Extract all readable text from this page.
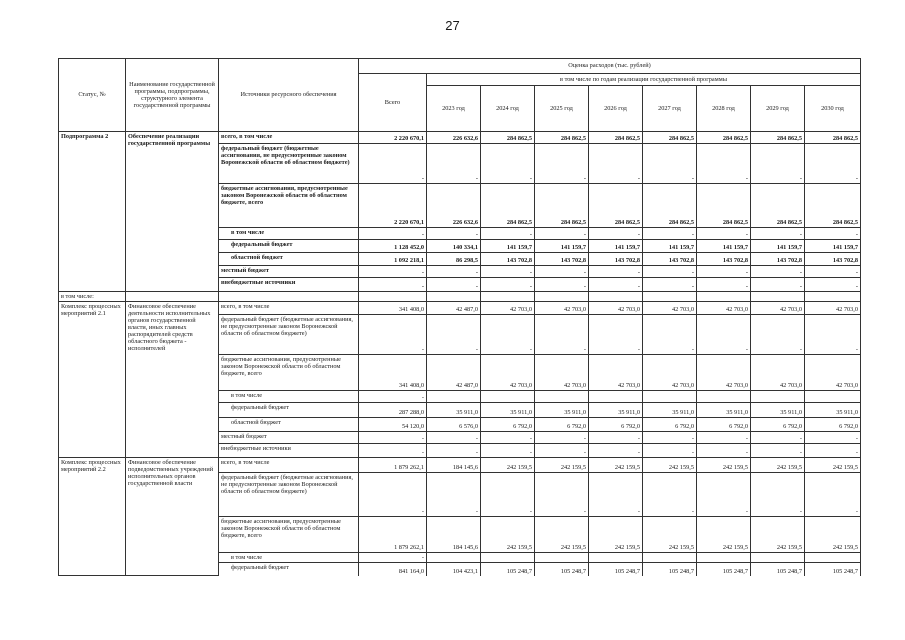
27
Статус, №	Наименование государственной программы, подпрограммы, структурного элемента государственной программы	Источники ресурсного обеспечения	Оценка расходов (тыс. рублей)								
			Всего	в том числе по годам реализации государственной программы							
				2023 год	2024 год	2025 год	2026 год	2027 год	2028 год	2029 год	2030 год
Подпрограмма 2	Обеспечение реализации государственной программы	всего, в том числе	2 220 670,1	226 632,6	284 862,5	284 862,5	284 862,5	284 862,5	284 862,5	284 862,5	284 862,5
		федеральный бюджет (бюджетные ассигнования, не предусмотренные законом Воронежской области об областном бюджете)	-	-	-	-	-	-	-	-	-
		бюджетные ассигнования, предусмотренные законом Воронежской области об областном бюджете, всего	2 220 670,1	226 632,6	284 862,5	284 862,5	284 862,5	284 862,5	284 862,5	284 862,5	284 862,5
		в том числе	-	-	-	-	-	-	-	-	-
		федеральный бюджет	1 128 452,0	140 334,1	141 159,7	141 159,7	141 159,7	141 159,7	141 159,7	141 159,7	141 159,7
		областной бюджет	1 092 218,1	86 298,5	143 702,8	143 702,8	143 702,8	143 702,8	143 702,8	143 702,8	143 702,8
		местный бюджет	-	-	-	-	-	-	-	-	-
		внебюджетные источники	-	-	-	-	-	-	-	-	-
в том числе:											
Комплекс процессных мероприятий 2.1	Финансовое обеспечение деятельности исполнительных органов государственной власти, иных главных распорядителей средств областного бюджета - исполнителей	всего, в том числе	341 408,0	42 487,0	42 703,0	42 703,0	42 703,0	42 703,0	42 703,0	42 703,0	42 703,0
		федеральный бюджет (бюджетные ассигнования, не предусмотренные законом Воронежской области об областном бюджете)	-	-	-	-	-	-	-	-	-
		бюджетные ассигнования, предусмотренные законом Воронежской области об областном бюджете, всего	341 408,0	42 487,0	42 703,0	42 703,0	42 703,0	42 703,0	42 703,0	42 703,0	42 703,0
		в том числе	-								
		федеральный бюджет	287 288,0	35 911,0	35 911,0	35 911,0	35 911,0	35 911,0	35 911,0	35 911,0	35 911,0
		областной бюджет	54 120,0	6 576,0	6 792,0	6 792,0	6 792,0	6 792,0	6 792,0	6 792,0	6 792,0
		местный бюджет	-	-	-	-	-	-	-	-	-
		внебюджетные источники	-	-	-	-	-	-	-	-	-
Комплекс процессных мероприятий 2.2	Финансовое обеспечение подведомственных учреждений исполнительных органов государственной власти	всего, в том числе	1 879 262,1	184 145,6	242 159,5	242 159,5	242 159,5	242 159,5	242 159,5	242 159,5	242 159,5
		федеральный бюджет (бюджетные ассигнования, не предусмотренные законом Воронежской области об областном бюджете)	-	-	-	-	-	-	-	-	-
		бюджетные ассигнования, предусмотренные законом Воронежской области об областном бюджете, всего	1 879 262,1	184 145,6	242 159,5	242 159,5	242 159,5	242 159,5	242 159,5	242 159,5	242 159,5
		в том числе	-								
		федеральный бюджет	841 164,0	104 423,1	105 248,7	105 248,7	105 248,7	105 248,7	105 248,7	105 248,7	105 248,7
